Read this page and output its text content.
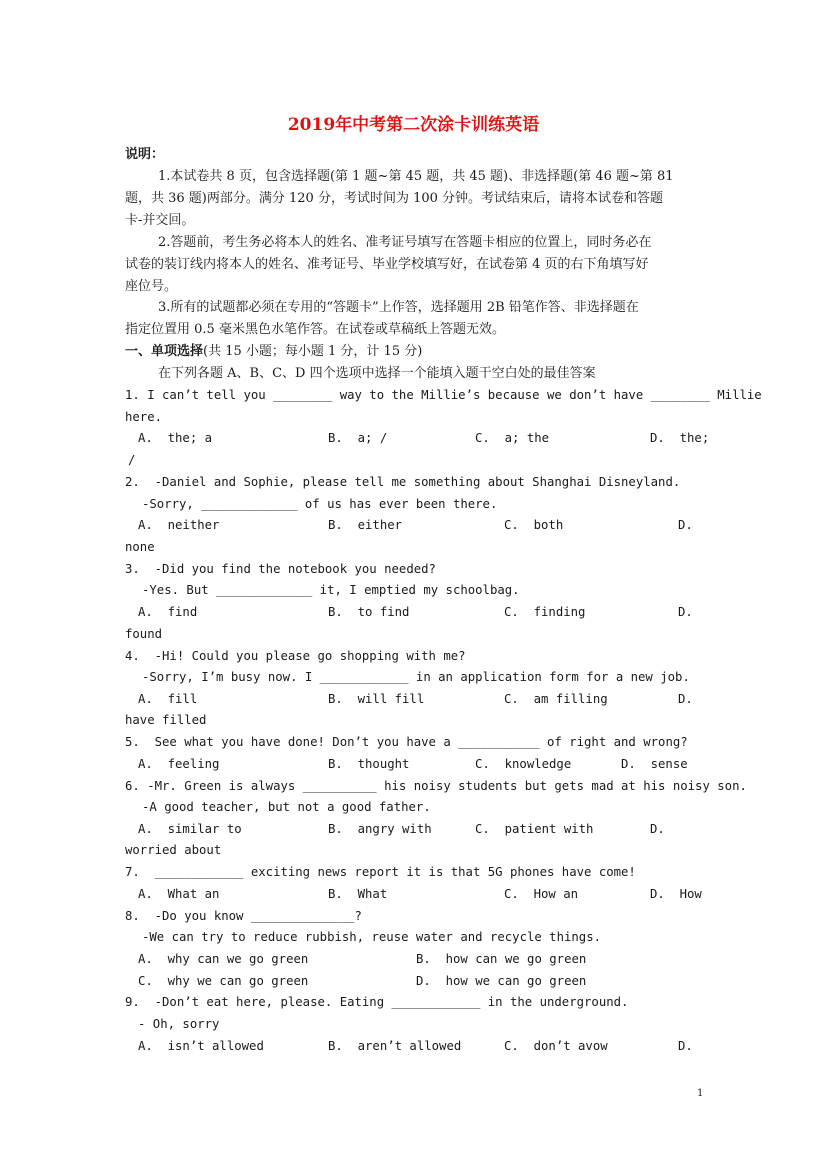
2019年中考第二次涂卡训练英语
说明：
1.本试卷共 8 页，包含选择题(第 1 题~第 45 题，共 45 题)、非选择题(第 46 题~第 81
题，共 36 题)两部分。满分 120 分，考试时间为 100 分钟。考试结束后，请将本试卷和答题
卡-并交回。
2.答题前，考生务必将本人的姓名、准考证号填写在答题卡相应的位置上，同时务必在
试卷的装订线内将本人的姓名、准考证号、毕业学校填写好，在试卷第 4 页的右下角填写好
座位号。
3.所有的试题都必须在专用的“答题卡”上作答，选择题用 2B 铅笔作答、非选择题在
指定位置用 0.5 毫米黑色水笔作答。在试卷或草稿纸上答题无效。
一、单项选择(共 15 小题；每小题 1 分，计 15 分)
在下列各题 A、B、C、D 四个选项中选择一个能填入题干空白处的最佳答案
1. I can’t tell you ________ way to the Millie’s because we don’t have ________ Millie
here.
A.  the; a	B.  a; /	C.  a; the	D.  the;
/
2.  -Daniel and Sophie, please tell me something about Shanghai Disneyland.
-Sorry, _____________ of us has ever been there.
A.  neither	B.  either	C.  both	D.
none
3.  -Did you find the notebook you needed?
-Yes. But _____________ it, I emptied my schoolbag.
A.  find	B.  to find	C.  finding	D.
found
4.  -Hi! Could you please go shopping with me?
-Sorry, I’m busy now. I ____________ in an application form for a new job.
A.  fill	B.  will fill	C.  am filling	D.
have filled
5.  See what you have done! Don’t you have a ___________ of right and wrong?
A.  feeling	B.  thought	C.  knowledge	D.  sense
6. -Mr. Green is always __________ his noisy students but gets mad at his noisy son.
-A good teacher, but not a good father.
A.  similar to	B.  angry with	C.  patient with	D.
worried about
7.  ____________ exciting news report it is that 5G phones have come!
A.  What an	B.  What	C.  How an	D.  How
8.  -Do you know ______________?
-We can try to reduce rubbish, reuse water and recycle things.
A.  why can we go green	B.  how can we go green
C.  why we can go green	D.  how we can go green
9.  -Don’t eat here, please. Eating ____________ in the underground.
- Oh, sorry
A.  isn’t allowed	B.  aren’t allowed	C.  don’t avow	D.
1
